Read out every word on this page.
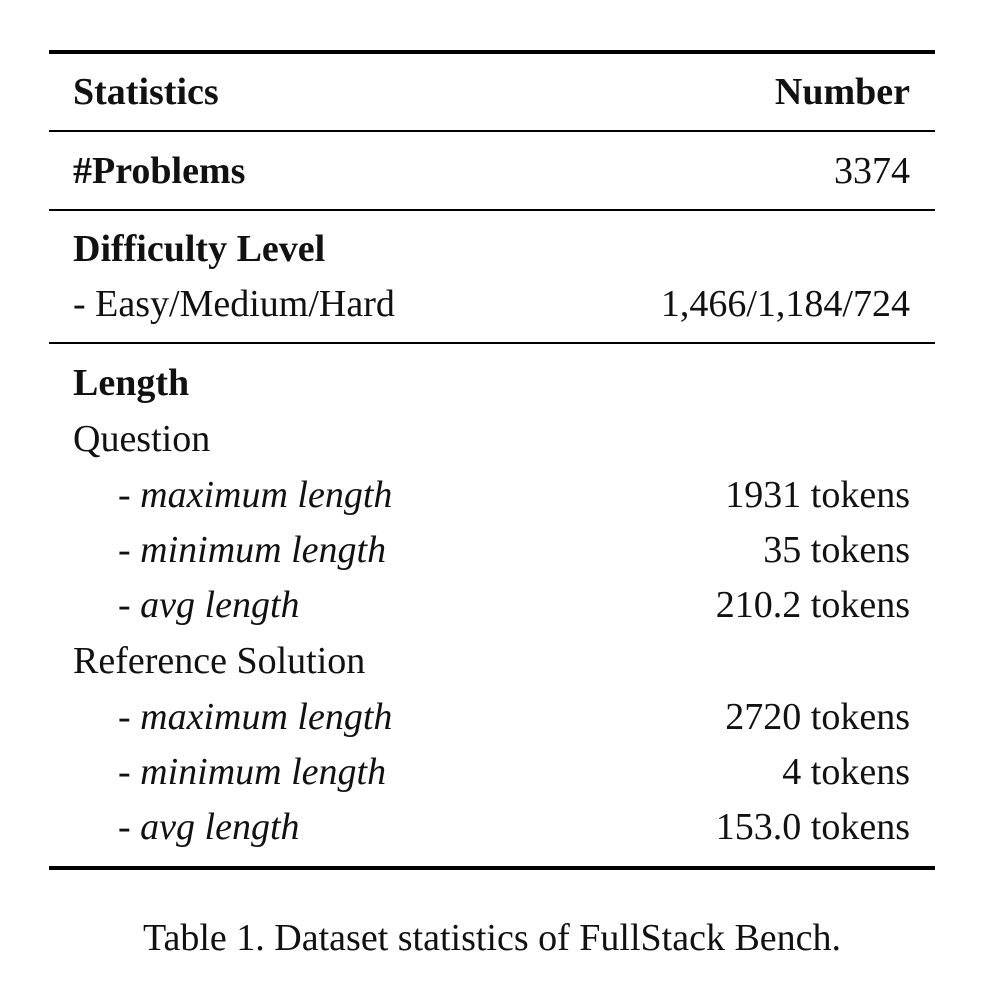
Statistics	Number
#Problems	3374
Difficulty Level
- Easy/Medium/Hard	1,466/1,184/724
Length
Question
- maximum length	1931 tokens
- minimum length	35 tokens
- avg length	210.2 tokens
Reference Solution
- maximum length	2720 tokens
- minimum length	4 tokens
- avg length	153.0 tokens
Table 1. Dataset statistics of FullStack Bench.
